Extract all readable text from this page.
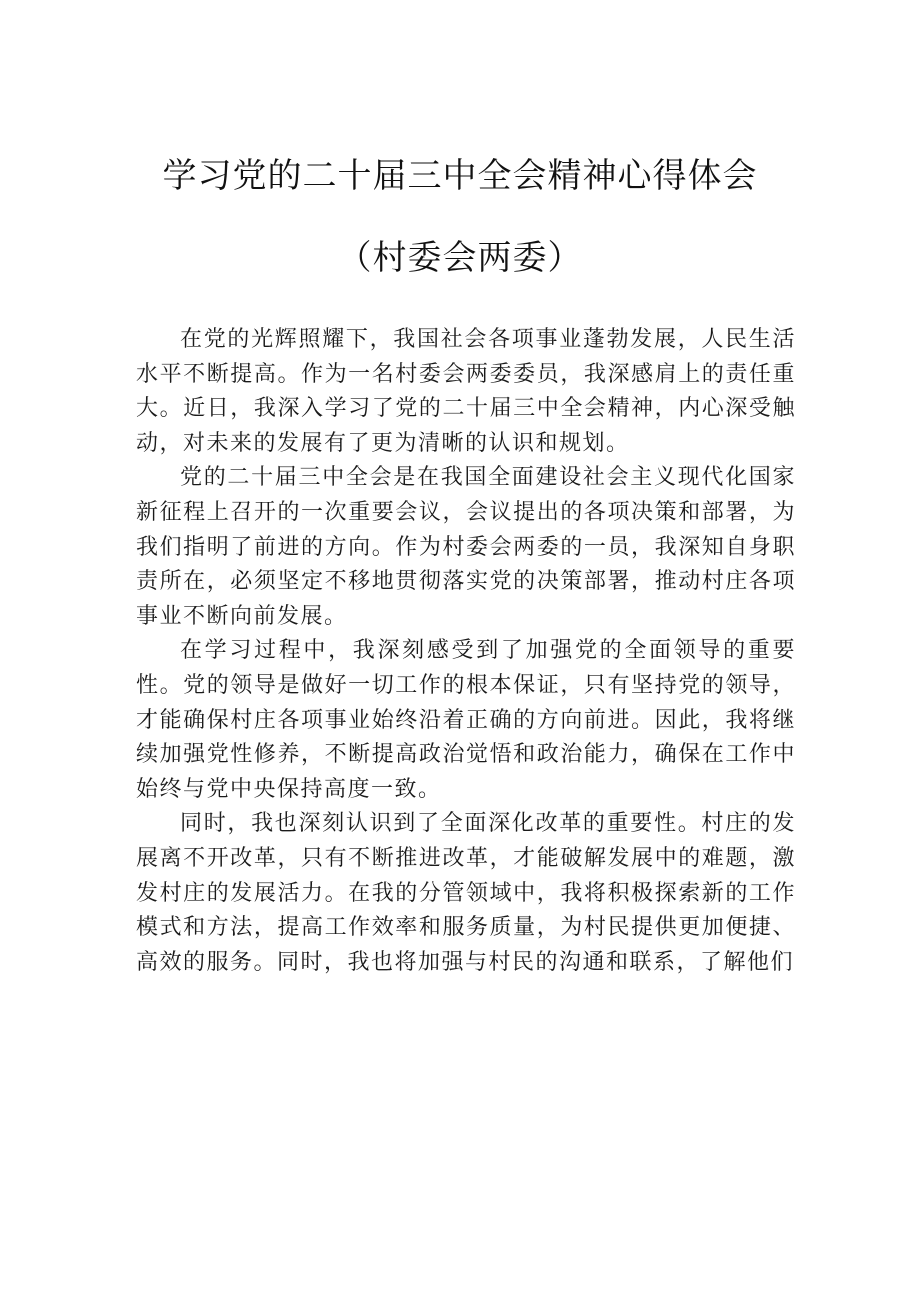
学习党的二十届三中全会精神心得体会
（村委会两委）

在党的光辉照耀下，我国社会各项事业蓬勃发展，人民生活水平不断提高。作为一名村委会两委委员，我深感肩上的责任重大。近日，我深入学习了党的二十届三中全会精神，内心深受触动，对未来的发展有了更为清晰的认识和规划。

党的二十届三中全会是在我国全面建设社会主义现代化国家新征程上召开的一次重要会议，会议提出的各项决策和部署，为我们指明了前进的方向。作为村委会两委的一员，我深知自身职责所在，必须坚定不移地贯彻落实党的决策部署，推动村庄各项事业不断向前发展。

在学习过程中，我深刻感受到了加强党的全面领导的重要性。党的领导是做好一切工作的根本保证，只有坚持党的领导，才能确保村庄各项事业始终沿着正确的方向前进。因此，我将继续加强党性修养，不断提高政治觉悟和政治能力，确保在工作中始终与党中央保持高度一致。

同时，我也深刻认识到了全面深化改革的重要性。村庄的发展离不开改革，只有不断推进改革，才能破解发展中的难题，激发村庄的发展活力。在我的分管领域中，我将积极探索新的工作模式和方法，提高工作效率和服务质量，为村民提供更加便捷、高效的服务。同时，我也将加强与村民的沟通和联系，了解他们
